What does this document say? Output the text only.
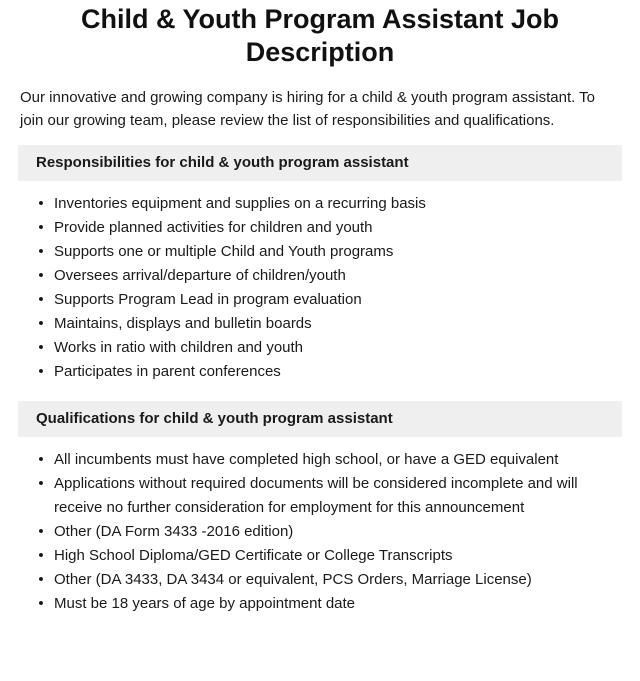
Child & Youth Program Assistant Job Description

Our innovative and growing company is hiring for a child & youth program assistant. To join our growing team, please review the list of responsibilities and qualifications.

Responsibilities for child & youth program assistant
• Inventories equipment and supplies on a recurring basis
• Provide planned activities for children and youth
• Supports one or multiple Child and Youth programs
• Oversees arrival/departure of children/youth
• Supports Program Lead in program evaluation
• Maintains, displays and bulletin boards
• Works in ratio with children and youth
• Participates in parent conferences
Qualifications for child & youth program assistant
• All incumbents must have completed high school, or have a GED equivalent
• Applications without required documents will be considered incomplete and will receive no further consideration for employment for this announcement
• Other (DA Form 3433 -2016 edition)
• High School Diploma/GED Certificate or College Transcripts
• Other (DA 3433, DA 3434 or equivalent, PCS Orders, Marriage License)
• Must be 18 years of age by appointment date
